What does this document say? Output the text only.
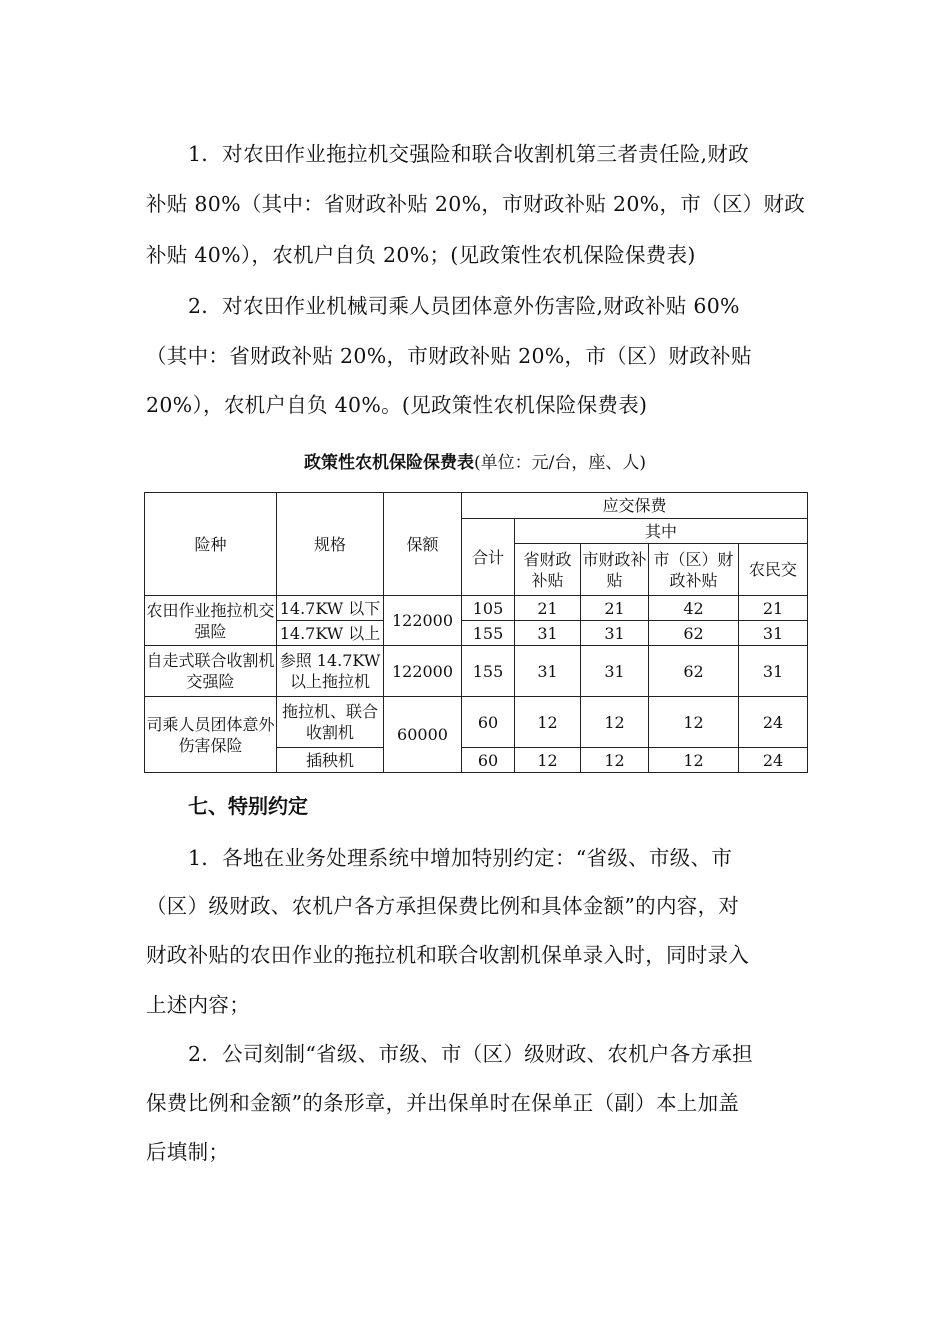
1．对农田作业拖拉机交强险和联合收割机第三者责任险,财政
补贴 80%（其中：省财政补贴 20%，市财政补贴 20%，市（区）财政
补贴 40%），农机户自负 20%；(见政策性农机保险保费表)
2．对农田作业机械司乘人员团体意外伤害险,财政补贴 60%
（其中：省财政补贴 20%，市财政补贴 20%，市（区）财政补贴
20%），农机户自负 40%。(见政策性农机保险保费表)
政策性农机保险保费表(单位：元/台，座、人)
险种	规格	保额	应交保费				
			合计	其中			
				省财政补贴	市财政补贴	市（区）财政补贴	农民交
农田作业拖拉机交强险	14.7KW 以下	122000	105	21	21	42	21
	14.7KW 以上		155	31	31	62	31
自走式联合收割机交强险	参照 14.7KW 以上拖拉机	122000	155	31	31	62	31
司乘人员团体意外伤害保险	拖拉机、联合收割机	60000	60	12	12	12	24
	插秧机		60	12	12	12	24
七、特别约定
1．各地在业务处理系统中增加特别约定：“省级、市级、市
（区）级财政、农机户各方承担保费比例和具体金额”的内容，对
财政补贴的农田作业的拖拉机和联合收割机保单录入时，同时录入
上述内容；
2．公司刻制“省级、市级、市（区）级财政、农机户各方承担
保费比例和金额”的条形章，并出保单时在保单正（副）本上加盖
后填制；
